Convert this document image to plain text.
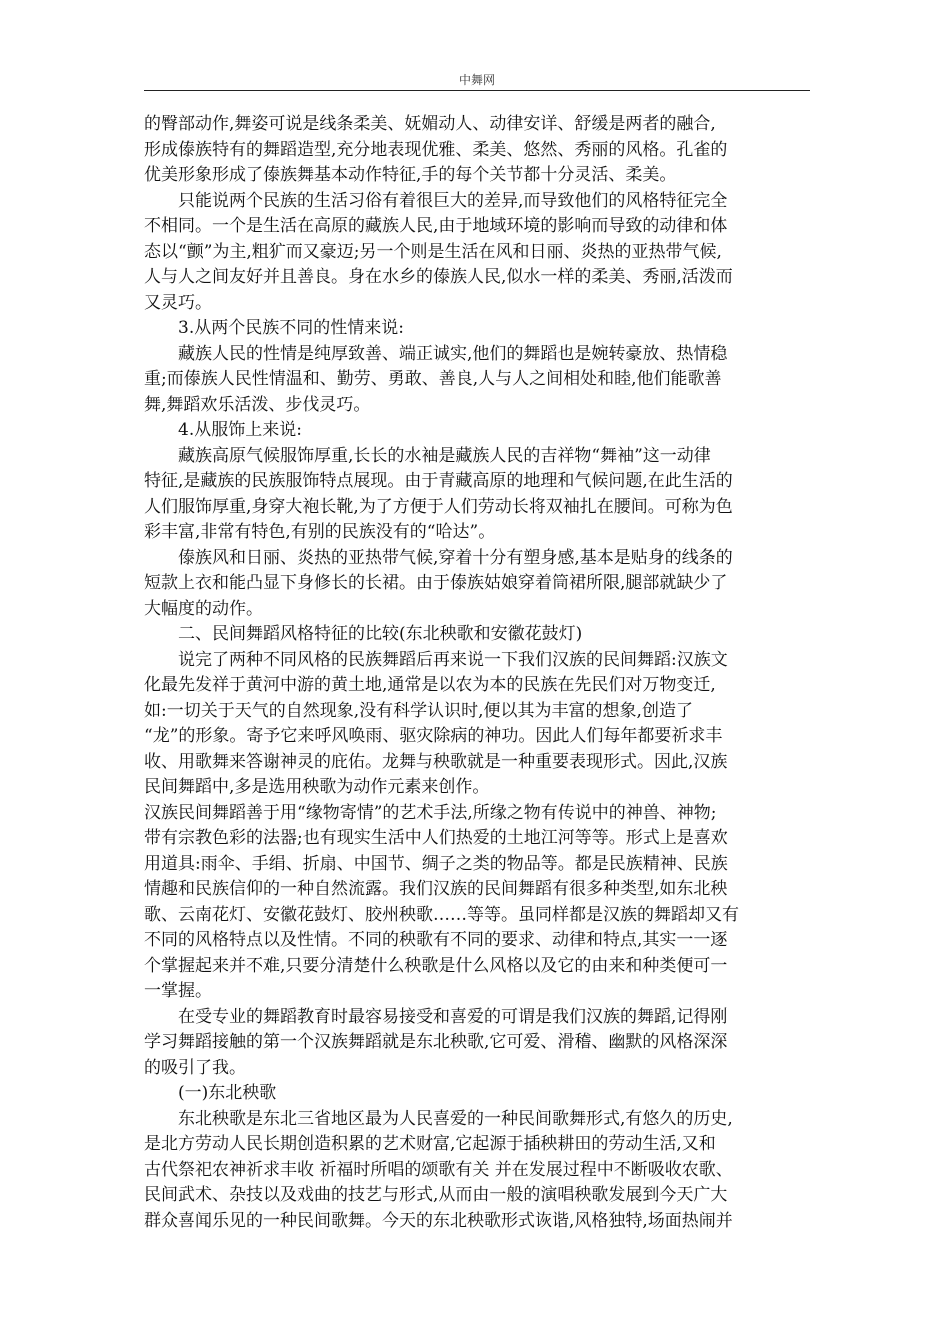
中舞网
的臀部动作,舞姿可说是线条柔美、妩媚动人、动律安详、舒缓是两者的融合,
形成傣族特有的舞蹈造型,充分地表现优雅、柔美、悠然、秀丽的风格。孔雀的
优美形象形成了傣族舞基本动作特征,手的每个关节都十分灵活、柔美。
只能说两个民族的生活习俗有着很巨大的差异,而导致他们的风格特征完全
不相同。一个是生活在高原的藏族人民,由于地域环境的影响而导致的动律和体
态以“颤”为主,粗犷而又豪迈;另一个则是生活在风和日丽、炎热的亚热带气候,
人与人之间友好并且善良。身在水乡的傣族人民,似水一样的柔美、秀丽,活泼而
又灵巧。
3.从两个民族不同的性情来说:
藏族人民的性情是纯厚致善、端正诚实,他们的舞蹈也是婉转豪放、热情稳
重;而傣族人民性情温和、勤劳、勇敢、善良,人与人之间相处和睦,他们能歌善
舞,舞蹈欢乐活泼、步伐灵巧。
4.从服饰上来说:
藏族高原气候服饰厚重,长长的水袖是藏族人民的吉祥物“舞袖”这一动律
特征,是藏族的民族服饰特点展现。由于青藏高原的地理和气候问题,在此生活的
人们服饰厚重,身穿大袍长靴,为了方便于人们劳动长将双袖扎在腰间。可称为色
彩丰富,非常有特色,有别的民族没有的“哈达”。
傣族风和日丽、炎热的亚热带气候,穿着十分有塑身感,基本是贴身的线条的
短款上衣和能凸显下身修长的长裙。由于傣族姑娘穿着筒裙所限,腿部就缺少了
大幅度的动作。
二、民间舞蹈风格特征的比较(东北秧歌和安徽花鼓灯)
说完了两种不同风格的民族舞蹈后再来说一下我们汉族的民间舞蹈:汉族文
化最先发祥于黄河中游的黄土地,通常是以农为本的民族在先民们对万物变迁,
如:一切关于天气的自然现象,没有科学认识时,便以其为丰富的想象,创造了
“龙”的形象。寄予它来呼风唤雨、驱灾除病的神功。因此人们每年都要祈求丰
收、用歌舞来答谢神灵的庇佑。龙舞与秧歌就是一种重要表现形式。因此,汉族
民间舞蹈中,多是选用秧歌为动作元素来创作。
汉族民间舞蹈善于用“缘物寄情”的艺术手法,所缘之物有传说中的神兽、神物;
带有宗教色彩的法器;也有现实生活中人们热爱的土地江河等等。形式上是喜欢
用道具:雨伞、手绢、折扇、中国节、绸子之类的物品等。都是民族精神、民族
情趣和民族信仰的一种自然流露。我们汉族的民间舞蹈有很多种类型,如东北秧
歌、云南花灯、安徽花鼓灯、胶州秧歌……等等。虽同样都是汉族的舞蹈却又有
不同的风格特点以及性情。不同的秧歌有不同的要求、动律和特点,其实一一逐
个掌握起来并不难,只要分清楚什么秧歌是什么风格以及它的由来和种类便可一
一掌握。
在受专业的舞蹈教育时最容易接受和喜爱的可谓是我们汉族的舞蹈,记得刚
学习舞蹈接触的第一个汉族舞蹈就是东北秧歌,它可爱、滑稽、幽默的风格深深
的吸引了我。
(一)东北秧歌
东北秧歌是东北三省地区最为人民喜爱的一种民间歌舞形式,有悠久的历史,
是北方劳动人民长期创造积累的艺术财富,它起源于插秧耕田的劳动生活,又和
古代祭祀农神祈求丰收 祈福时所唱的颂歌有关 并在发展过程中不断吸收农歌、
民间武术、杂技以及戏曲的技艺与形式,从而由一般的演唱秧歌发展到今天广大
群众喜闻乐见的一种民间歌舞。今天的东北秧歌形式诙谐,风格独特,场面热闹并
